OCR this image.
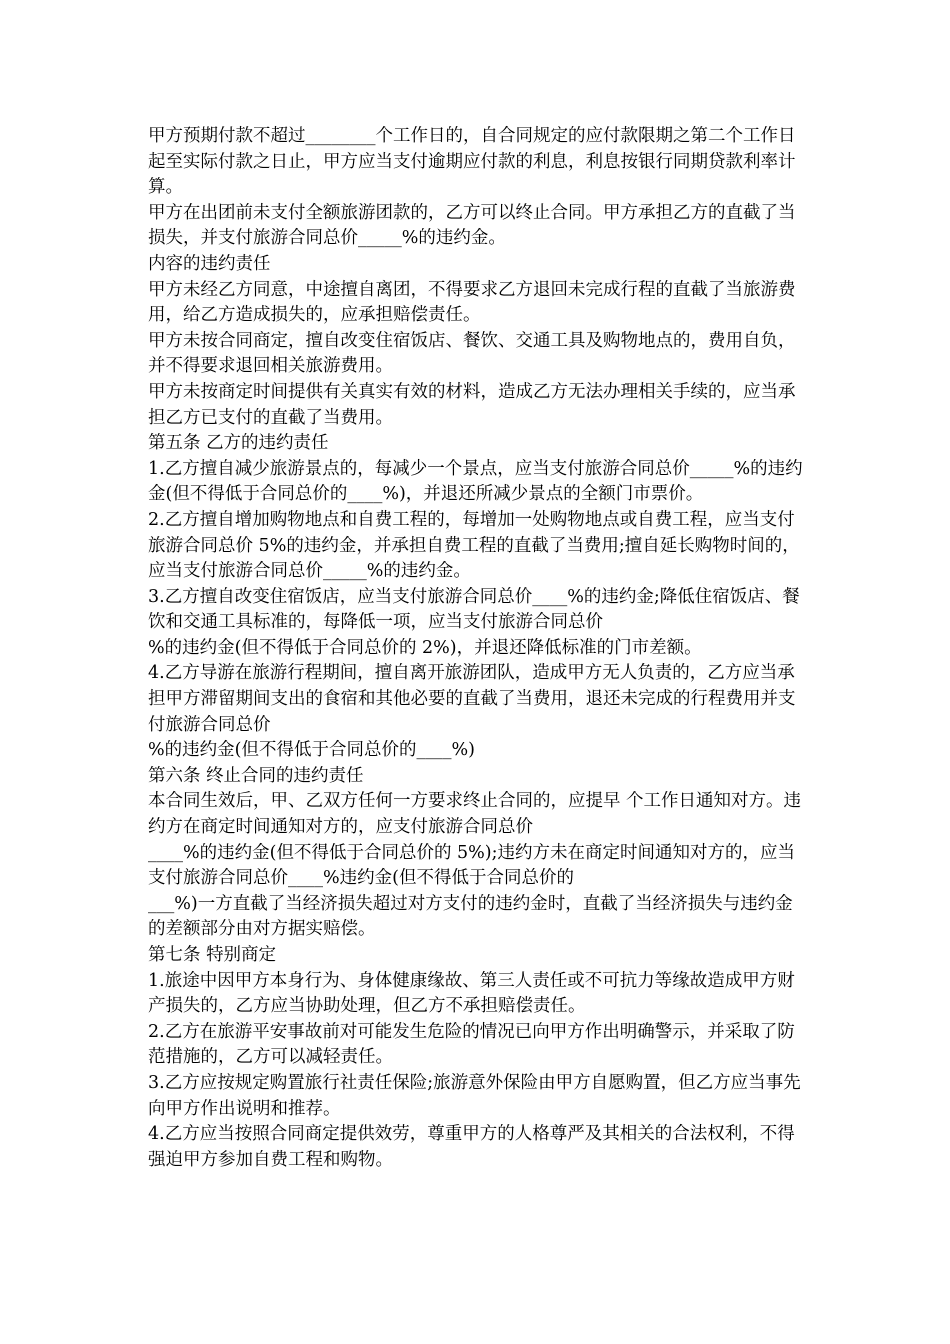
甲方预期付款不超过________个工作日的，自合同规定的应付款限期之第二个工作日起至实际付款之日止，甲方应当支付逾期应付款的利息，利息按银行同期贷款利率计算。

甲方在出团前未支付全额旅游团款的，乙方可以终止合同。甲方承担乙方的直截了当损失，并支付旅游合同总价_____%的违约金。

内容的违约责任

甲方未经乙方同意，中途擅自离团，不得要求乙方退回未完成行程的直截了当旅游费用，给乙方造成损失的，应承担赔偿责任。

甲方未按合同商定，擅自改变住宿饭店、餐饮、交通工具及购物地点的，费用自负，并不得要求退回相关旅游费用。

甲方未按商定时间提供有关真实有效的材料，造成乙方无法办理相关手续的，应当承担乙方已支付的直截了当费用。

第五条 乙方的违约责任

1.乙方擅自减少旅游景点的，每减少一个景点，应当支付旅游合同总价_____%的违约金(但不得低于合同总价的____%)，并退还所减少景点的全额门市票价。

2.乙方擅自增加购物地点和自费工程的，每增加一处购物地点或自费工程，应当支付旅游合同总价 5%的违约金，并承担自费工程的直截了当费用;擅自延长购物时间的，应当支付旅游合同总价_____%的违约金。

3.乙方擅自改变住宿饭店，应当支付旅游合同总价____%的违约金;降低住宿饭店、餐饮和交通工具标准的，每降低一项，应当支付旅游合同总价
%的违约金(但不得低于合同总价的 2%)，并退还降低标准的门市差额。

4.乙方导游在旅游行程期间，擅自离开旅游团队，造成甲方无人负责的，乙方应当承担甲方滞留期间支出的食宿和其他必要的直截了当费用，退还未完成的行程费用并支付旅游合同总价
%的违约金(但不得低于合同总价的____%)

第六条 终止合同的违约责任

本合同生效后，甲、乙双方任何一方要求终止合同的，应提早 个工作日通知对方。违约方在商定时间通知对方的，应支付旅游合同总价
____%的违约金(但不得低于合同总价的 5%);违约方未在商定时间通知对方的，应当支付旅游合同总价____%违约金(但不得低于合同总价的
___%)一方直截了当经济损失超过对方支付的违约金时，直截了当经济损失与违约金的差额部分由对方据实赔偿。

第七条 特别商定

1.旅途中因甲方本身行为、身体健康缘故、第三人责任或不可抗力等缘故造成甲方财产损失的，乙方应当协助处理，但乙方不承担赔偿责任。

2.乙方在旅游平安事故前对可能发生危险的情况已向甲方作出明确警示，并采取了防范措施的，乙方可以减轻责任。

3.乙方应按规定购置旅行社责任保险;旅游意外保险由甲方自愿购置，但乙方应当事先向甲方作出说明和推荐。

4.乙方应当按照合同商定提供效劳，尊重甲方的人格尊严及其相关的合法权利，不得强迫甲方参加自费工程和购物。
